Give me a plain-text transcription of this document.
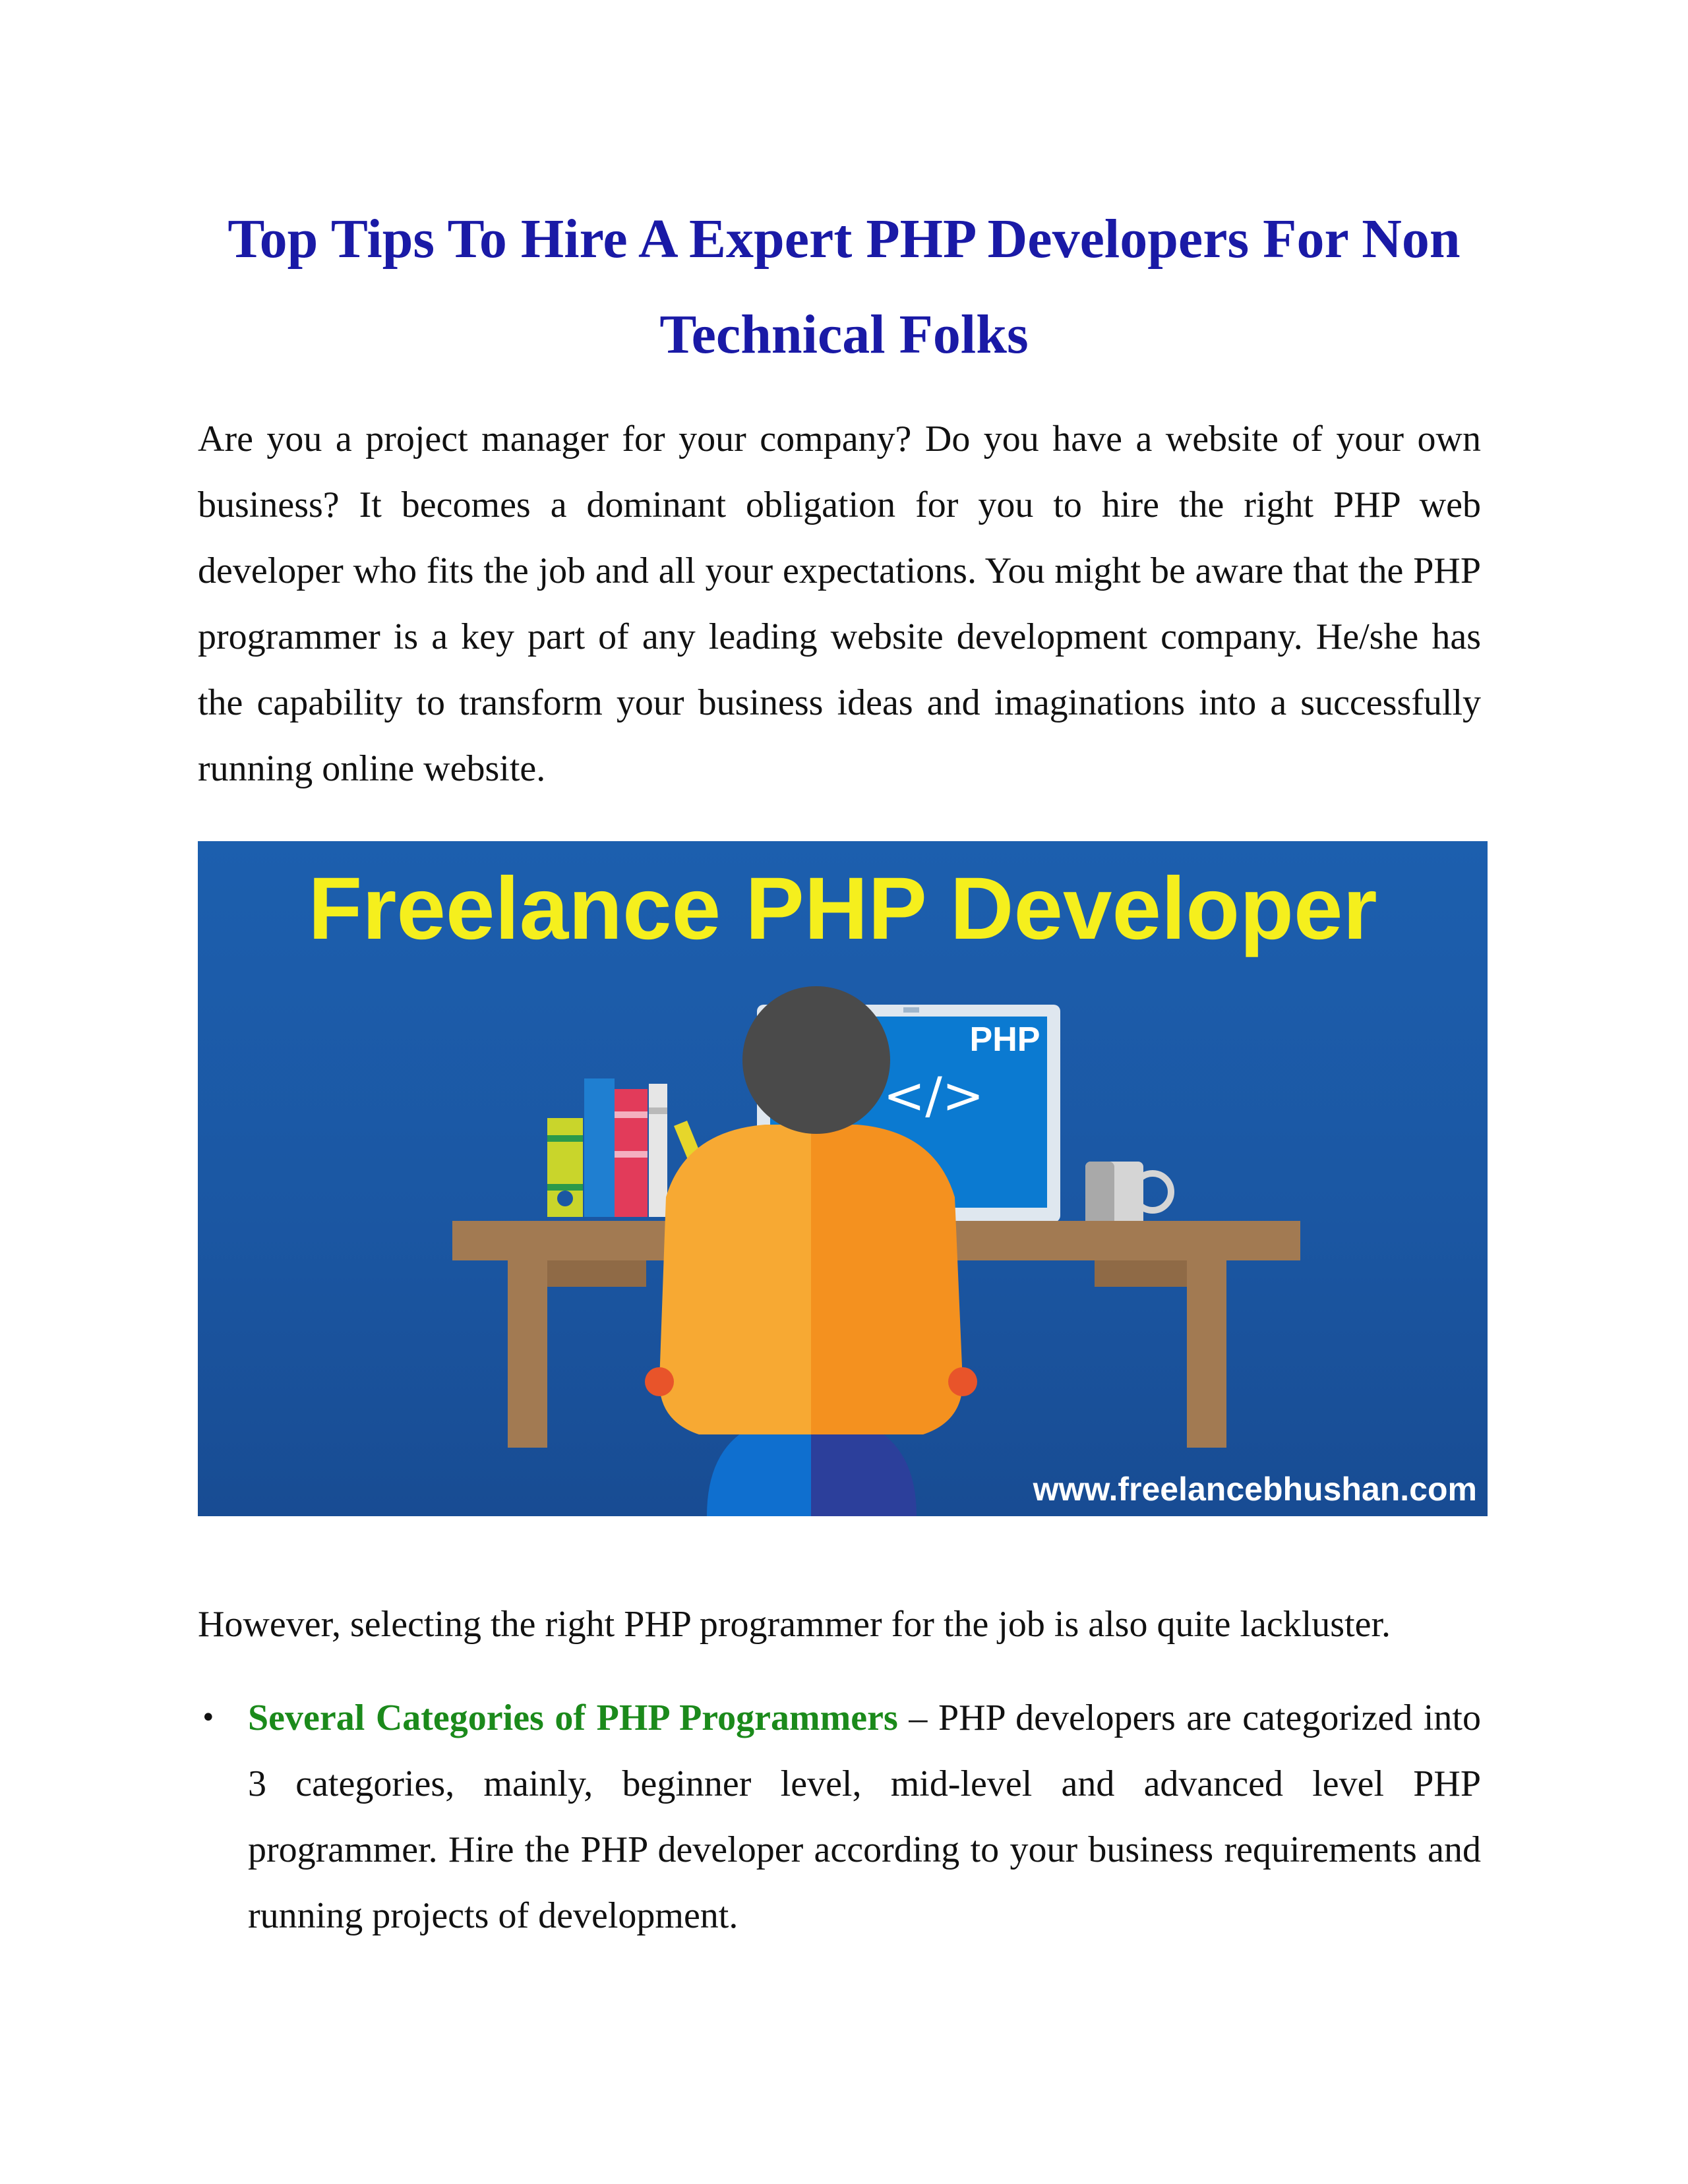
Top Tips To Hire A Expert PHP Developers For Non Technical Folks

Are you a project manager for your company? Do you have a website of your own business? It becomes a dominant obligation for you to hire the right PHP web developer who fits the job and all your expectations. You might be aware that the PHP programmer is a key part of any leading website development company. He/she has the capability to transform your business ideas and imaginations into a successfully running online website.

Freelance PHP Developer
PHP
</>
www.freelancebhushan.com

However, selecting the right PHP programmer for the job is also quite lackluster.

• Several Categories of PHP Programmers – PHP developers are categorized into 3 categories, mainly, beginner level, mid-level and advanced level PHP programmer. Hire the PHP developer according to your business requirements and running projects of development.
